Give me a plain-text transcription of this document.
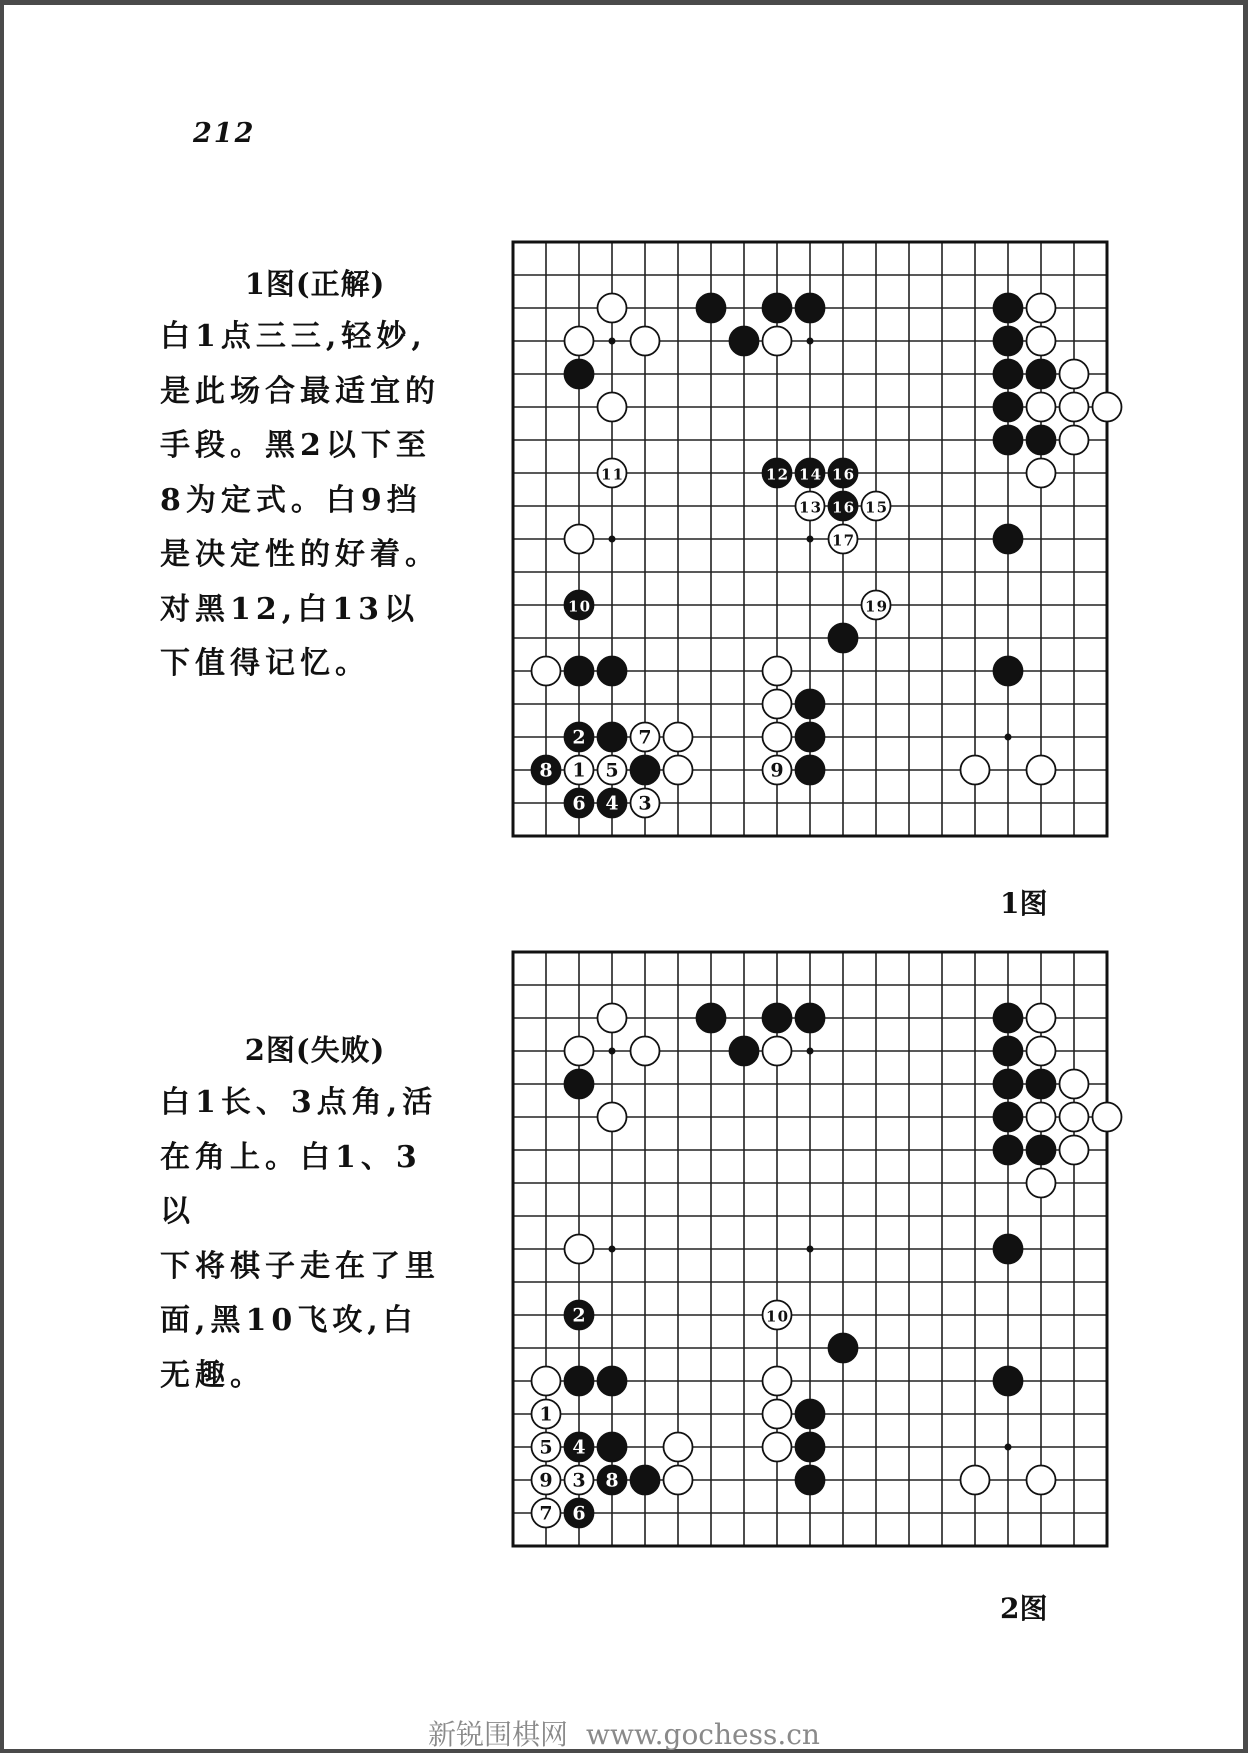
212
1图(正解)
白1点三三,轻妙,
是此场合最适宜的
手段。黑2以下至
8为定式。白9挡
是决定性的好着。
对黑12,白13以
下值得记忆。
11	12 14 16
13 16 15
17
10	19
2	7
8 1 5	9
6 4 3
1图
2图(失败)
白1长、3点角,活
在角上。白1、3以
下将棋子走在了里
面,黑10飞攻,白
无趣。
2	10
1
5 4
9 3 8
7 6
2图
新锐围棋网 www.gochess.cn
